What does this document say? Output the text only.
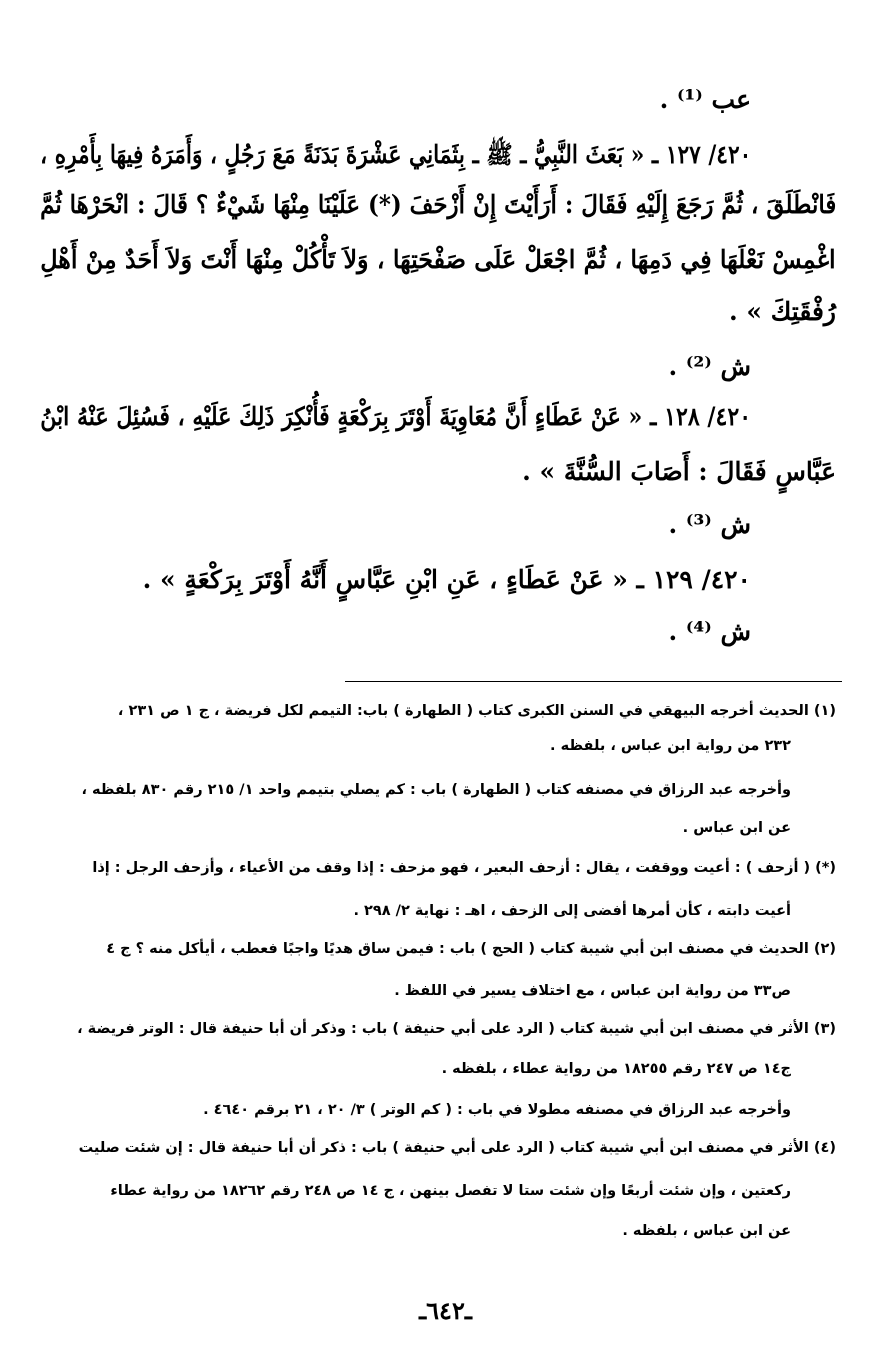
عب ⁽¹⁾ .
٤٢٠/ ١٢٧ ـ « بَعَثَ النَّبِيُّ ـ ﷺ ـ بِثَمَانِي عَشْرَةَ بَدَنَةً مَعَ رَجُلٍ ، وَأَمَرَهُ فِيهَا بِأَمْرِهِ ،
فَانْطَلَقَ ، ثُمَّ رَجَعَ إِلَيْهِ فَقَالَ : أَرَأَيْتَ إِنْ أَزْحَفَ (*) عَلَيْنَا مِنْهَا شَيْءٌ ؟ قَالَ : انْحَرْهَا ثُمَّ
اغْمِسْ نَعْلَهَا فِي دَمِهَا ، ثُمَّ اجْعَلْ عَلَى صَفْحَتِهَا ، وَلاَ تَأْكُلْ مِنْهَا أَنْتَ وَلاَ أَحَدٌ مِنْ أَهْلِ
رُفْقَتِكَ » .
ش ⁽²⁾ .
٤٢٠/ ١٢٨ ـ « عَنْ عَطَاءٍ أَنَّ مُعَاوِيَةَ أَوْتَرَ بِرَكْعَةٍ فَأُنْكِرَ ذَلِكَ عَلَيْهِ ، فَسُئِلَ عَنْهُ ابْنُ
عَبَّاسٍ فَقَالَ : أَصَابَ السُّنَّةَ » .
ش ⁽³⁾ .
٤٢٠/ ١٢٩ ـ « عَنْ عَطَاءٍ ، عَنِ ابْنِ عَبَّاسٍ أَنَّهُ أَوْتَرَ بِرَكْعَةٍ » .
ش ⁽⁴⁾ .
(١) الحديث أخرجه البيهقي في السنن الكبرى كتاب ( الطهارة ) باب: التيمم لكل فريضة ، ج ١ ص ٢٣١ ،
٢٣٢ من رواية ابن عباس ، بلفظه .
وأخرجه عبد الرزاق في مصنفه كتاب ( الطهارة ) باب : كم يصلي بتيمم واحد ١/ ٢١٥ رقم ٨٣٠ بلفظه ،
عن ابن عباس .
(*) ( أزحف ) : أعيت ووقفت ، يقال : أزحف البعير ، فهو مزحف : إذا وقف من الأعياء ، وأزحف الرجل : إذا
أعيت دابته ، كأن أمرها أفضى إلى الزحف ، اهـ : نهاية ٢/ ٢٩٨ .
(٢) الحديث في مصنف ابن أبي شيبة كتاب ( الحج ) باب : فيمن ساق هديًا واجبًا فعطب ، أيأكل منه ؟ ج ٤
ص٣٣ من رواية ابن عباس ، مع اختلاف يسير في اللفظ .
(٣) الأثر في مصنف ابن أبي شيبة كتاب ( الرد على أبي حنيفة ) باب : وذكر أن أبا حنيفة قال : الوتر فريضة ،
ج١٤ ص ٢٤٧ رقم ١٨٢٥٥ من رواية عطاء ، بلفظه .
وأخرجه عبد الرزاق في مصنفه مطولا في باب : ( كم الوتر ) ٣/ ٢٠ ، ٢١ برقم ٤٦٤٠ .
(٤) الأثر في مصنف ابن أبي شيبة كتاب ( الرد على أبي حنيفة ) باب : ذكر أن أبا حنيفة قال : إن شئت صليت
ركعتين ، وإن شئت أربعًا وإن شئت ستا لا تفصل بينهن ، ج ١٤ ص ٢٤٨ رقم ١٨٢٦٢ من رواية عطاء
عن ابن عباس ، بلفظه .
ـ٦٤٢ـ
